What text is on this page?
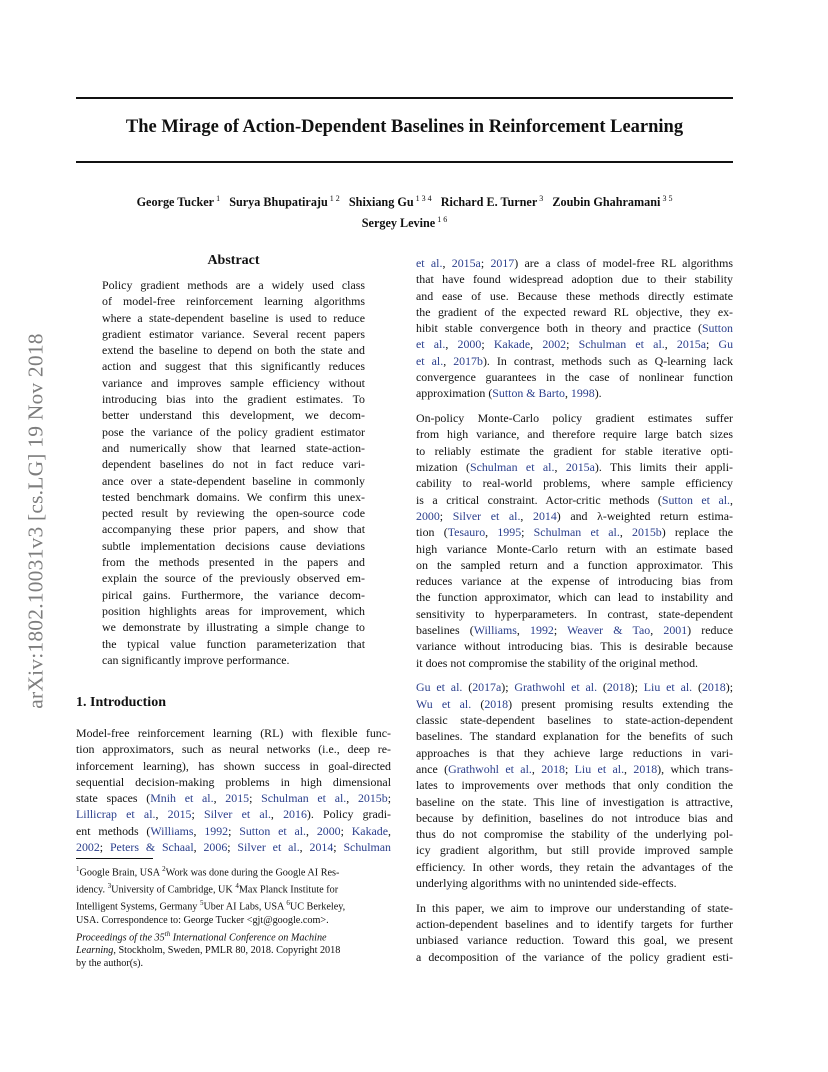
The Mirage of Action-Dependent Baselines in Reinforcement Learning
George Tucker $^1$ Surya Bhupatiraju $^{1 2}$ Shixiang Gu $^{1 3 4}$ Richard E. Turner $^3$ Zoubin Ghahramani $^{3 5}$
Sergey Levine $^{1 6}$
arXiv:1802.10031v3 [cs.LG] 19 Nov 2018
Abstract
Policy gradient methods are a widely used class
of model-free reinforcement learning algorithms
where a state-dependent baseline is used to reduce
gradient estimator variance. Several recent papers
extend the baseline to depend on both the state and
action and suggest that this significantly reduces
variance and improves sample efficiency without
introducing bias into the gradient estimates. To
better understand this development, we decom-
pose the variance of the policy gradient estimator
and numerically show that learned state-action-
dependent baselines do not in fact reduce vari-
ance over a state-dependent baseline in commonly
tested benchmark domains. We confirm this unex-
pected result by reviewing the open-source code
accompanying these prior papers, and show that
subtle implementation decisions cause deviations
from the methods presented in the papers and
explain the source of the previously observed em-
pirical gains. Furthermore, the variance decom-
position highlights areas for improvement, which
we demonstrate by illustrating a simple change to
the typical value function parameterization that
can significantly improve performance.
1. Introduction
Model-free reinforcement learning (RL) with flexible func-
tion approximators, such as neural networks (i.e., deep re-
inforcement learning), has shown success in goal-directed
sequential decision-making problems in high dimensional
state spaces (Mnih et al., 2015; Schulman et al., 2015b;
Lillicrap et al., 2015; Silver et al., 2016). Policy gradi-
ent methods (Williams, 1992; Sutton et al., 2000; Kakade,
2002; Peters & Schaal, 2006; Silver et al., 2014; Schulman
$^1$Google Brain, USA $^2$Work was done during the Google AI Res-
idency. $^3$University of Cambridge, UK $^4$Max Planck Institute for
Intelligent Systems, Germany $^5$Uber AI Labs, USA $^6$UC Berkeley,
USA. Correspondence to: George Tucker <gjt@google.com>.
Proceedings of the 35th International Conference on Machine
Learning, Stockholm, Sweden, PMLR 80, 2018. Copyright 2018
by the author(s).
et al., 2015a; 2017) are a class of model-free RL algorithms
that have found widespread adoption due to their stability
and ease of use. Because these methods directly estimate
the gradient of the expected reward RL objective, they ex-
hibit stable convergence both in theory and practice (Sutton
et al., 2000; Kakade, 2002; Schulman et al., 2015a; Gu
et al., 2017b). In contrast, methods such as Q-learning lack
convergence guarantees in the case of nonlinear function
approximation (Sutton & Barto, 1998).
On-policy Monte-Carlo policy gradient estimates suffer
from high variance, and therefore require large batch sizes
to reliably estimate the gradient for stable iterative opti-
mization (Schulman et al., 2015a). This limits their appli-
cability to real-world problems, where sample efficiency
is a critical constraint. Actor-critic methods (Sutton et al.,
2000; Silver et al., 2014) and λ-weighted return estima-
tion (Tesauro, 1995; Schulman et al., 2015b) replace the
high variance Monte-Carlo return with an estimate based
on the sampled return and a function approximator. This
reduces variance at the expense of introducing bias from
the function approximator, which can lead to instability and
sensitivity to hyperparameters. In contrast, state-dependent
baselines (Williams, 1992; Weaver & Tao, 2001) reduce
variance without introducing bias. This is desirable because
it does not compromise the stability of the original method.
Gu et al. (2017a); Grathwohl et al. (2018); Liu et al. (2018);
Wu et al. (2018) present promising results extending the
classic state-dependent baselines to state-action-dependent
baselines. The standard explanation for the benefits of such
approaches is that they achieve large reductions in vari-
ance (Grathwohl et al., 2018; Liu et al., 2018), which trans-
lates to improvements over methods that only condition the
baseline on the state. This line of investigation is attractive,
because by definition, baselines do not introduce bias and
thus do not compromise the stability of the underlying pol-
icy gradient algorithm, but still provide improved sample
efficiency. In other words, they retain the advantages of the
underlying algorithms with no unintended side-effects.
In this paper, we aim to improve our understanding of state-
action-dependent baselines and to identify targets for further
unbiased variance reduction. Toward this goal, we present
a decomposition of the variance of the policy gradient esti-
